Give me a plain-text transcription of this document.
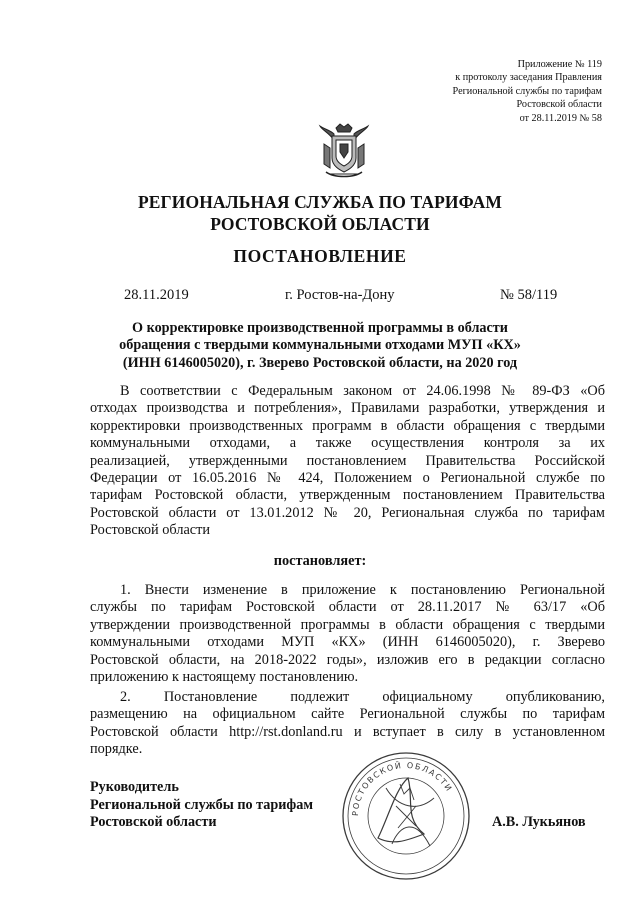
Приложение № 119
к протоколу заседания Правления
Региональной службы по тарифам
Ростовской области
от 28.11.2019 № 58
РЕГИОНАЛЬНАЯ СЛУЖБА ПО ТАРИФАМ
РОСТОВСКОЙ ОБЛАСТИ
ПОСТАНОВЛЕНИЕ
28.11.2019	г. Ростов-на-Дону	№ 58/119
О корректировке производственной программы в области
обращения с твердыми коммунальными отходами МУП «КХ»
(ИНН 6146005020), г. Зверево Ростовской области, на 2020 год
В соответствии с Федеральным законом от 24.06.1998 № 89-ФЗ «Об
отходах производства и потребления», Правилами разработки, утверждения и
корректировки производственных программ в области обращения с твердыми
коммунальными отходами, а также осуществления контроля за их
реализацией, утвержденными постановлением Правительства Российской
Федерации от 16.05.2016 № 424, Положением о Региональной службе по
тарифам Ростовской области, утвержденным постановлением Правительства
Ростовской области от 13.01.2012 № 20, Региональная служба по тарифам
Ростовской области
постановляет:
1. Внести изменение в приложение к постановлению Региональной
службы по тарифам Ростовской области от 28.11.2017 № 63/17 «Об
утверждении производственной программы в области обращения с твердыми
коммунальными отходами МУП «КХ» (ИНН 6146005020), г. Зверево
Ростовской области, на 2018-2022 годы», изложив его в редакции согласно
приложению к настоящему постановлению.
2. Постановление подлежит официальному опубликованию,
размещению на официальном сайте Региональной службы по тарифам
Ростовской области http://rst.donland.ru и вступает в силу в установленном
порядке.
РОСТОВСКОЙ ОБЛАСТИ
Руководитель
Региональной службы по тарифам
Ростовской области	А.В. Лукьянов
